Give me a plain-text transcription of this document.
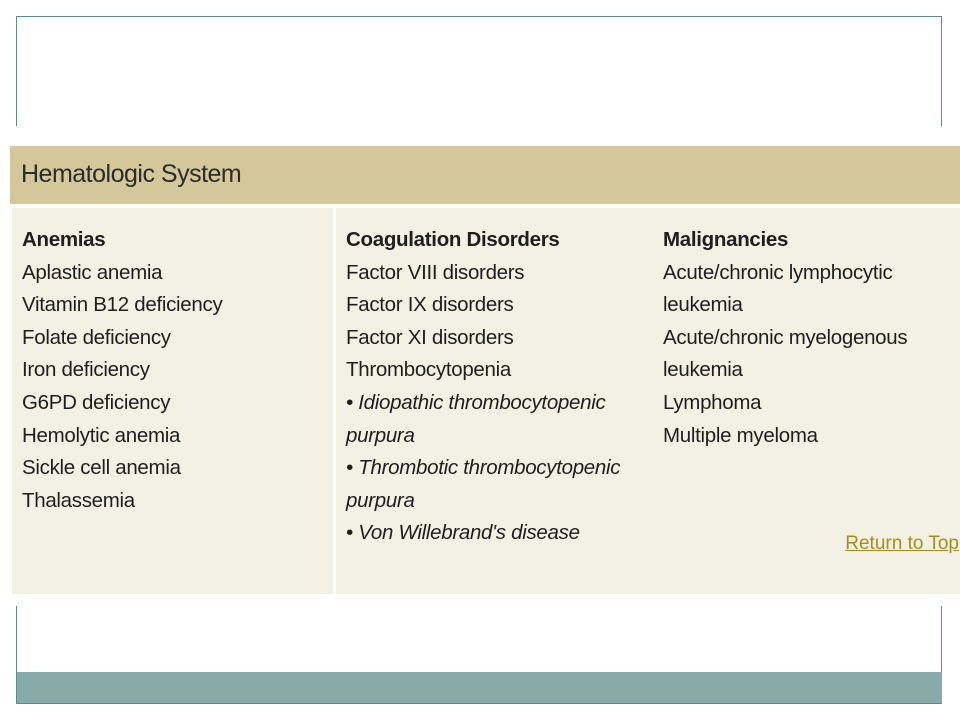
Hematologic System
Anemias
Aplastic anemia
Vitamin B12 deficiency
Folate deficiency
Iron deficiency
G6PD deficiency
Hemolytic anemia
Sickle cell anemia
Thalassemia
Coagulation Disorders
Factor VIII disorders
Factor IX disorders
Factor XI disorders
Thrombocytopenia
• Idiopathic thrombocytopenic purpura
• Thrombotic thrombocytopenic purpura
• Von Willebrand's disease
Malignancies
Acute/chronic lymphocytic leukemia
Acute/chronic myelogenous leukemia
Lymphoma
Multiple myeloma
Return to Top
